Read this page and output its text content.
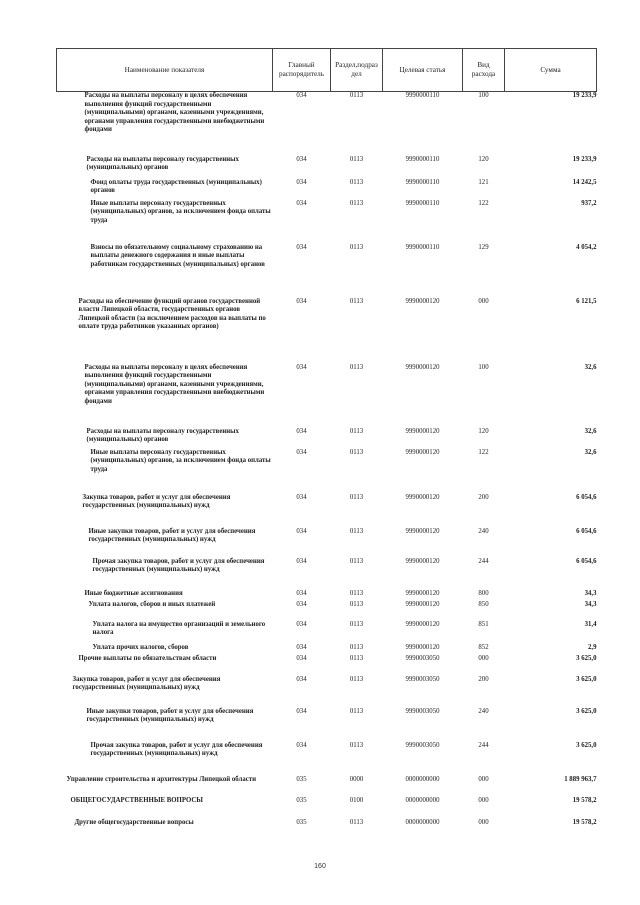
Наименование показателя	Главный распорядитель	Раздел,подраз дел	Целевая статья	Вид расхода	Сумма
Расходы на выплаты персоналу в целях обеспечения выполнения функций государственными (муниципальными) органами, казенными учреждениями, органами управления государственными внебюджетными фондами	034	0113	9990000110	100	19 233,9
Расходы на выплаты персоналу государственных (муниципальных) органов	034	0113	9990000110	120	19 233,9
Фонд оплаты труда государственных (муниципальных) органов	034	0113	9990000110	121	14 242,5
Иные выплаты персоналу государственных (муниципальных) органов, за исключением фонда оплаты труда	034	0113	9990000110	122	937,2
Взносы по обязательному социальному страхованию на выплаты денежного содержания и иные выплаты работникам государственных (муниципальных) органов	034	0113	9990000110	129	4 054,2
Расходы на обеспечение функций органов государственной власти Липецкой области, государственных органов Липецкой области (за исключением расходов на выплаты по оплате труда работников указанных органов)	034	0113	9990000120	000	6 121,5
Расходы на выплаты персоналу в целях обеспечения выполнения функций государственными (муниципальными) органами, казенными учреждениями, органами управления государственными внебюджетными фондами	034	0113	9990000120	100	32,6
Расходы на выплаты персоналу государственных (муниципальных) органов	034	0113	9990000120	120	32,6
Иные выплаты персоналу государственных (муниципальных) органов, за исключением фонда оплаты труда	034	0113	9990000120	122	32,6
Закупка товаров, работ и услуг для обеспечения государственных (муниципальных) нужд	034	0113	9990000120	200	6 054,6
Иные закупки товаров, работ и услуг для обеспечения государственных (муниципальных) нужд	034	0113	9990000120	240	6 054,6
Прочая закупка товаров, работ и услуг для обеспечения государственных (муниципальных) нужд	034	0113	9990000120	244	6 054,6
Иные бюджетные ассигнования	034	0113	9990000120	800	34,3
Уплата налогов, сборов и иных платежей	034	0113	9990000120	850	34,3
Уплата налога на имущество организаций и земельного налога	034	0113	9990000120	851	31,4
Уплата прочих налогов, сборов	034	0113	9990000120	852	2,9
Прочие выплаты по обязательствам области	034	0113	9990003050	000	3 625,0
Закупка товаров, работ и услуг для обеспечения государственных (муниципальных) нужд	034	0113	9990003050	200	3 625,0
Иные закупки товаров, работ и услуг для обеспечения государственных (муниципальных) нужд	034	0113	9990003050	240	3 625,0
Прочая закупка товаров, работ и услуг для обеспечения государственных (муниципальных) нужд	034	0113	9990003050	244	3 625,0
Управление строительства и архитектуры Липецкой области	035	0000	0000000000	000	1 889 963,7
ОБЩЕГОСУДАРСТВЕННЫЕ ВОПРОСЫ	035	0100	0000000000	000	19 578,2
Другие общегосударственные вопросы	035	0113	0000000000	000	19 578,2
160
